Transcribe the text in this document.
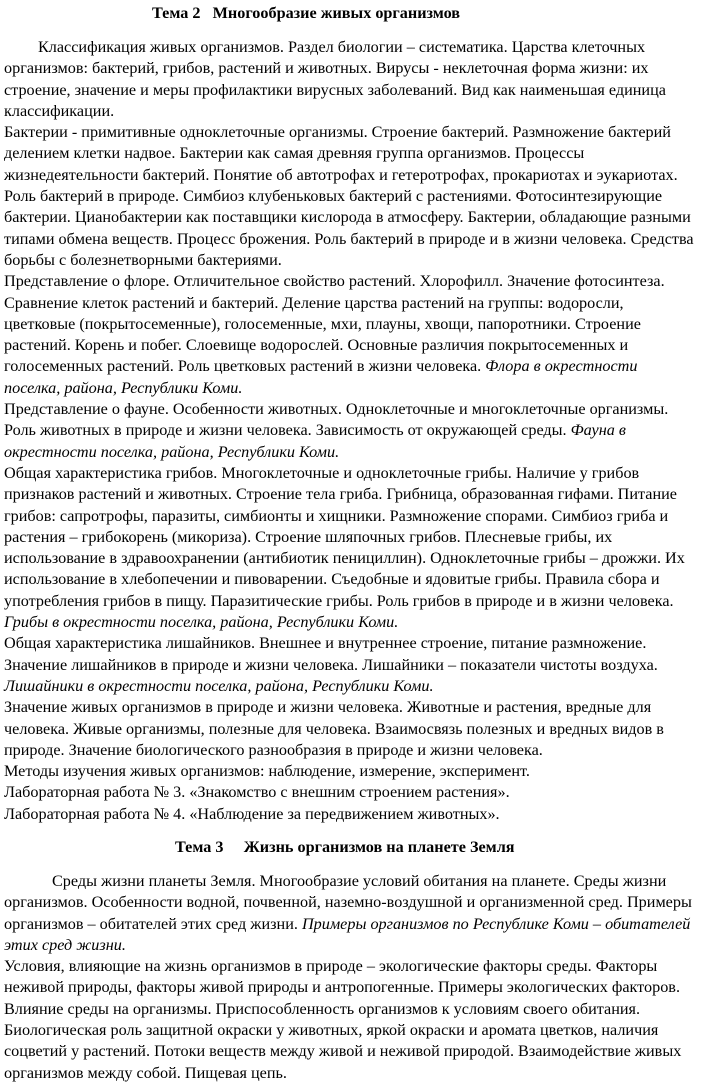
Тема 2   Многообразие живых организмов

Классификация живых организмов. Раздел биологии – систематика. Царства клеточных организмов: бактерий, грибов, растений и животных. Вирусы - неклеточная форма жизни: их строение, значение и меры профилактики вирусных заболеваний. Вид как наименьшая единица классификации.

Бактерии - примитивные одноклеточные организмы. Строение бактерий. Размножение бактерий делением клетки надвое. Бактерии как самая древняя группа организмов. Процессы жизнедеятельности бактерий. Понятие об автотрофах и гетеротрофах, прокариотах и эукариотах. Роль бактерий в природе. Симбиоз клубеньковых бактерий с растениями. Фотосинтезирующие бактерии. Цианобактерии как поставщики кислорода в атмосферу. Бактерии, обладающие разными типами обмена веществ. Процесс брожения. Роль бактерий в природе и в жизни человека. Средства борьбы с болезнетворными бактериями.

Представление о флоре. Отличительное свойство растений. Хлорофилл. Значение фотосинтеза. Сравнение клеток растений и бактерий. Деление царства растений на группы: водоросли, цветковые (покрытосеменные), голосеменные, мхи, плауны, хвощи, папоротники. Строение растений. Корень и побег. Слоевище водорослей. Основные различия покрытосеменных и голосеменных растений. Роль цветковых растений в жизни человека. Флора в окрестности поселка, района, Республики Коми.

Представление о фауне. Особенности животных. Одноклеточные и многоклеточные организмы. Роль животных в природе и жизни человека. Зависимость от окружающей среды. Фауна в окрестности поселка, района, Республики Коми.

Общая характеристика грибов. Многоклеточные и одноклеточные грибы. Наличие у грибов признаков растений и животных. Строение тела гриба. Грибница, образованная гифами. Питание грибов: сапротрофы, паразиты, симбионты и хищники. Размножение спорами. Симбиоз гриба и растения – грибокорень (микориза). Строение шляпочных грибов. Плесневые грибы, их использование в здравоохранении (антибиотик пенициллин). Одноклеточные грибы – дрожжи. Их использование в хлебопечении и пивоварении. Съедобные и ядовитые грибы. Правила сбора и употребления грибов в пищу. Паразитические грибы. Роль грибов в природе и в жизни человека. Грибы в окрестности поселка, района, Республики Коми.

Общая характеристика лишайников. Внешнее и внутреннее строение, питание размножение. Значение лишайников в природе и жизни человека. Лишайники – показатели чистоты воздуха. Лишайники в окрестности поселка, района, Республики Коми.

Значение живых организмов в природе и жизни человека. Животные и растения, вредные для человека. Живые организмы, полезные для человека. Взаимосвязь полезных и вредных видов в природе. Значение биологического разнообразия в природе и жизни человека.

Методы изучения живых организмов: наблюдение, измерение, эксперимент.

Лабораторная работа № 3. «Знакомство с внешним строением растения».

Лабораторная работа № 4. «Наблюдение за передвижением животных».

Тема 3     Жизнь организмов на планете Земля

Среды жизни планеты Земля. Многообразие условий обитания на планете. Среды жизни организмов. Особенности водной, почвенной, наземно-воздушной и организменной сред. Примеры организмов – обитателей этих сред жизни. Примеры организмов по Республике Коми – обитателей этих сред жизни.

Условия, влияющие на жизнь организмов в природе – экологические факторы среды. Факторы неживой природы, факторы живой природы и антропогенные. Примеры экологических факторов. Влияние среды на организмы. Приспособленность организмов к условиям своего обитания. Биологическая роль защитной окраски у животных, яркой окраски и аромата цветков, наличия соцветий у растений. Потоки веществ между живой и неживой природой. Взаимодействие живых организмов между собой. Пищевая цепь.
